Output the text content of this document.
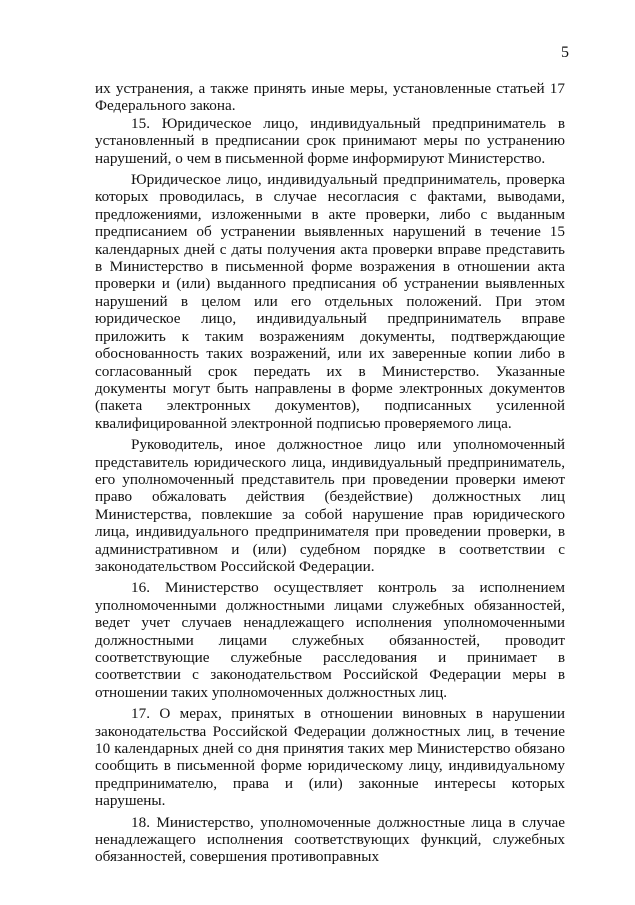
5

их устранения, а также принять иные меры, установленные статьей 17 Федерального закона.

15. Юридическое лицо, индивидуальный предприниматель в установленный в предписании срок принимают меры по устранению нарушений, о чем в письменной форме информируют Министерство.

Юридическое лицо, индивидуальный предприниматель, проверка которых проводилась, в случае несогласия с фактами, выводами, предложениями, изложенными в акте проверки, либо с выданным предписанием об устранении выявленных нарушений в течение 15 календарных дней с даты получения акта проверки вправе представить в Министерство в письменной форме возражения в отношении акта проверки и (или) выданного предписания об устранении выявленных нарушений в целом или его отдельных положений. При этом юридическое лицо, индивидуальный предприниматель вправе приложить к таким возражениям документы, подтверждающие обоснованность таких возражений, или их заверенные копии либо в согласованный срок передать их в Министерство. Указанные документы могут быть направлены в форме электронных документов (пакета электронных документов), подписанных усиленной квалифицированной электронной подписью проверяемого лица.

Руководитель, иное должностное лицо или уполномоченный представитель юридического лица, индивидуальный предприниматель, его уполномоченный представитель при проведении проверки имеют право обжаловать действия (бездействие) должностных лиц Министерства, повлекшие за собой нарушение прав юридического лица, индивидуального предпринимателя при проведении проверки, в административном и (или) судебном порядке в соответствии с законодательством Российской Федерации.

16. Министерство осуществляет контроль за исполнением уполномоченными должностными лицами служебных обязанностей, ведет учет случаев ненадлежащего исполнения уполномоченными должностными лицами служебных обязанностей, проводит соответствующие служебные расследования и принимает в соответствии с законодательством Российской Федерации меры в отношении таких уполномоченных должностных лиц.

17. О мерах, принятых в отношении виновных в нарушении законодательства Российской Федерации должностных лиц, в течение 10 календарных дней со дня принятия таких мер Министерство обязано сообщить в письменной форме юридическому лицу, индивидуальному предпринимателю, права и (или) законные интересы которых нарушены.

18. Министерство, уполномоченные должностные лица в случае ненадлежащего исполнения соответствующих функций, служебных обязанностей, совершения противоправных
